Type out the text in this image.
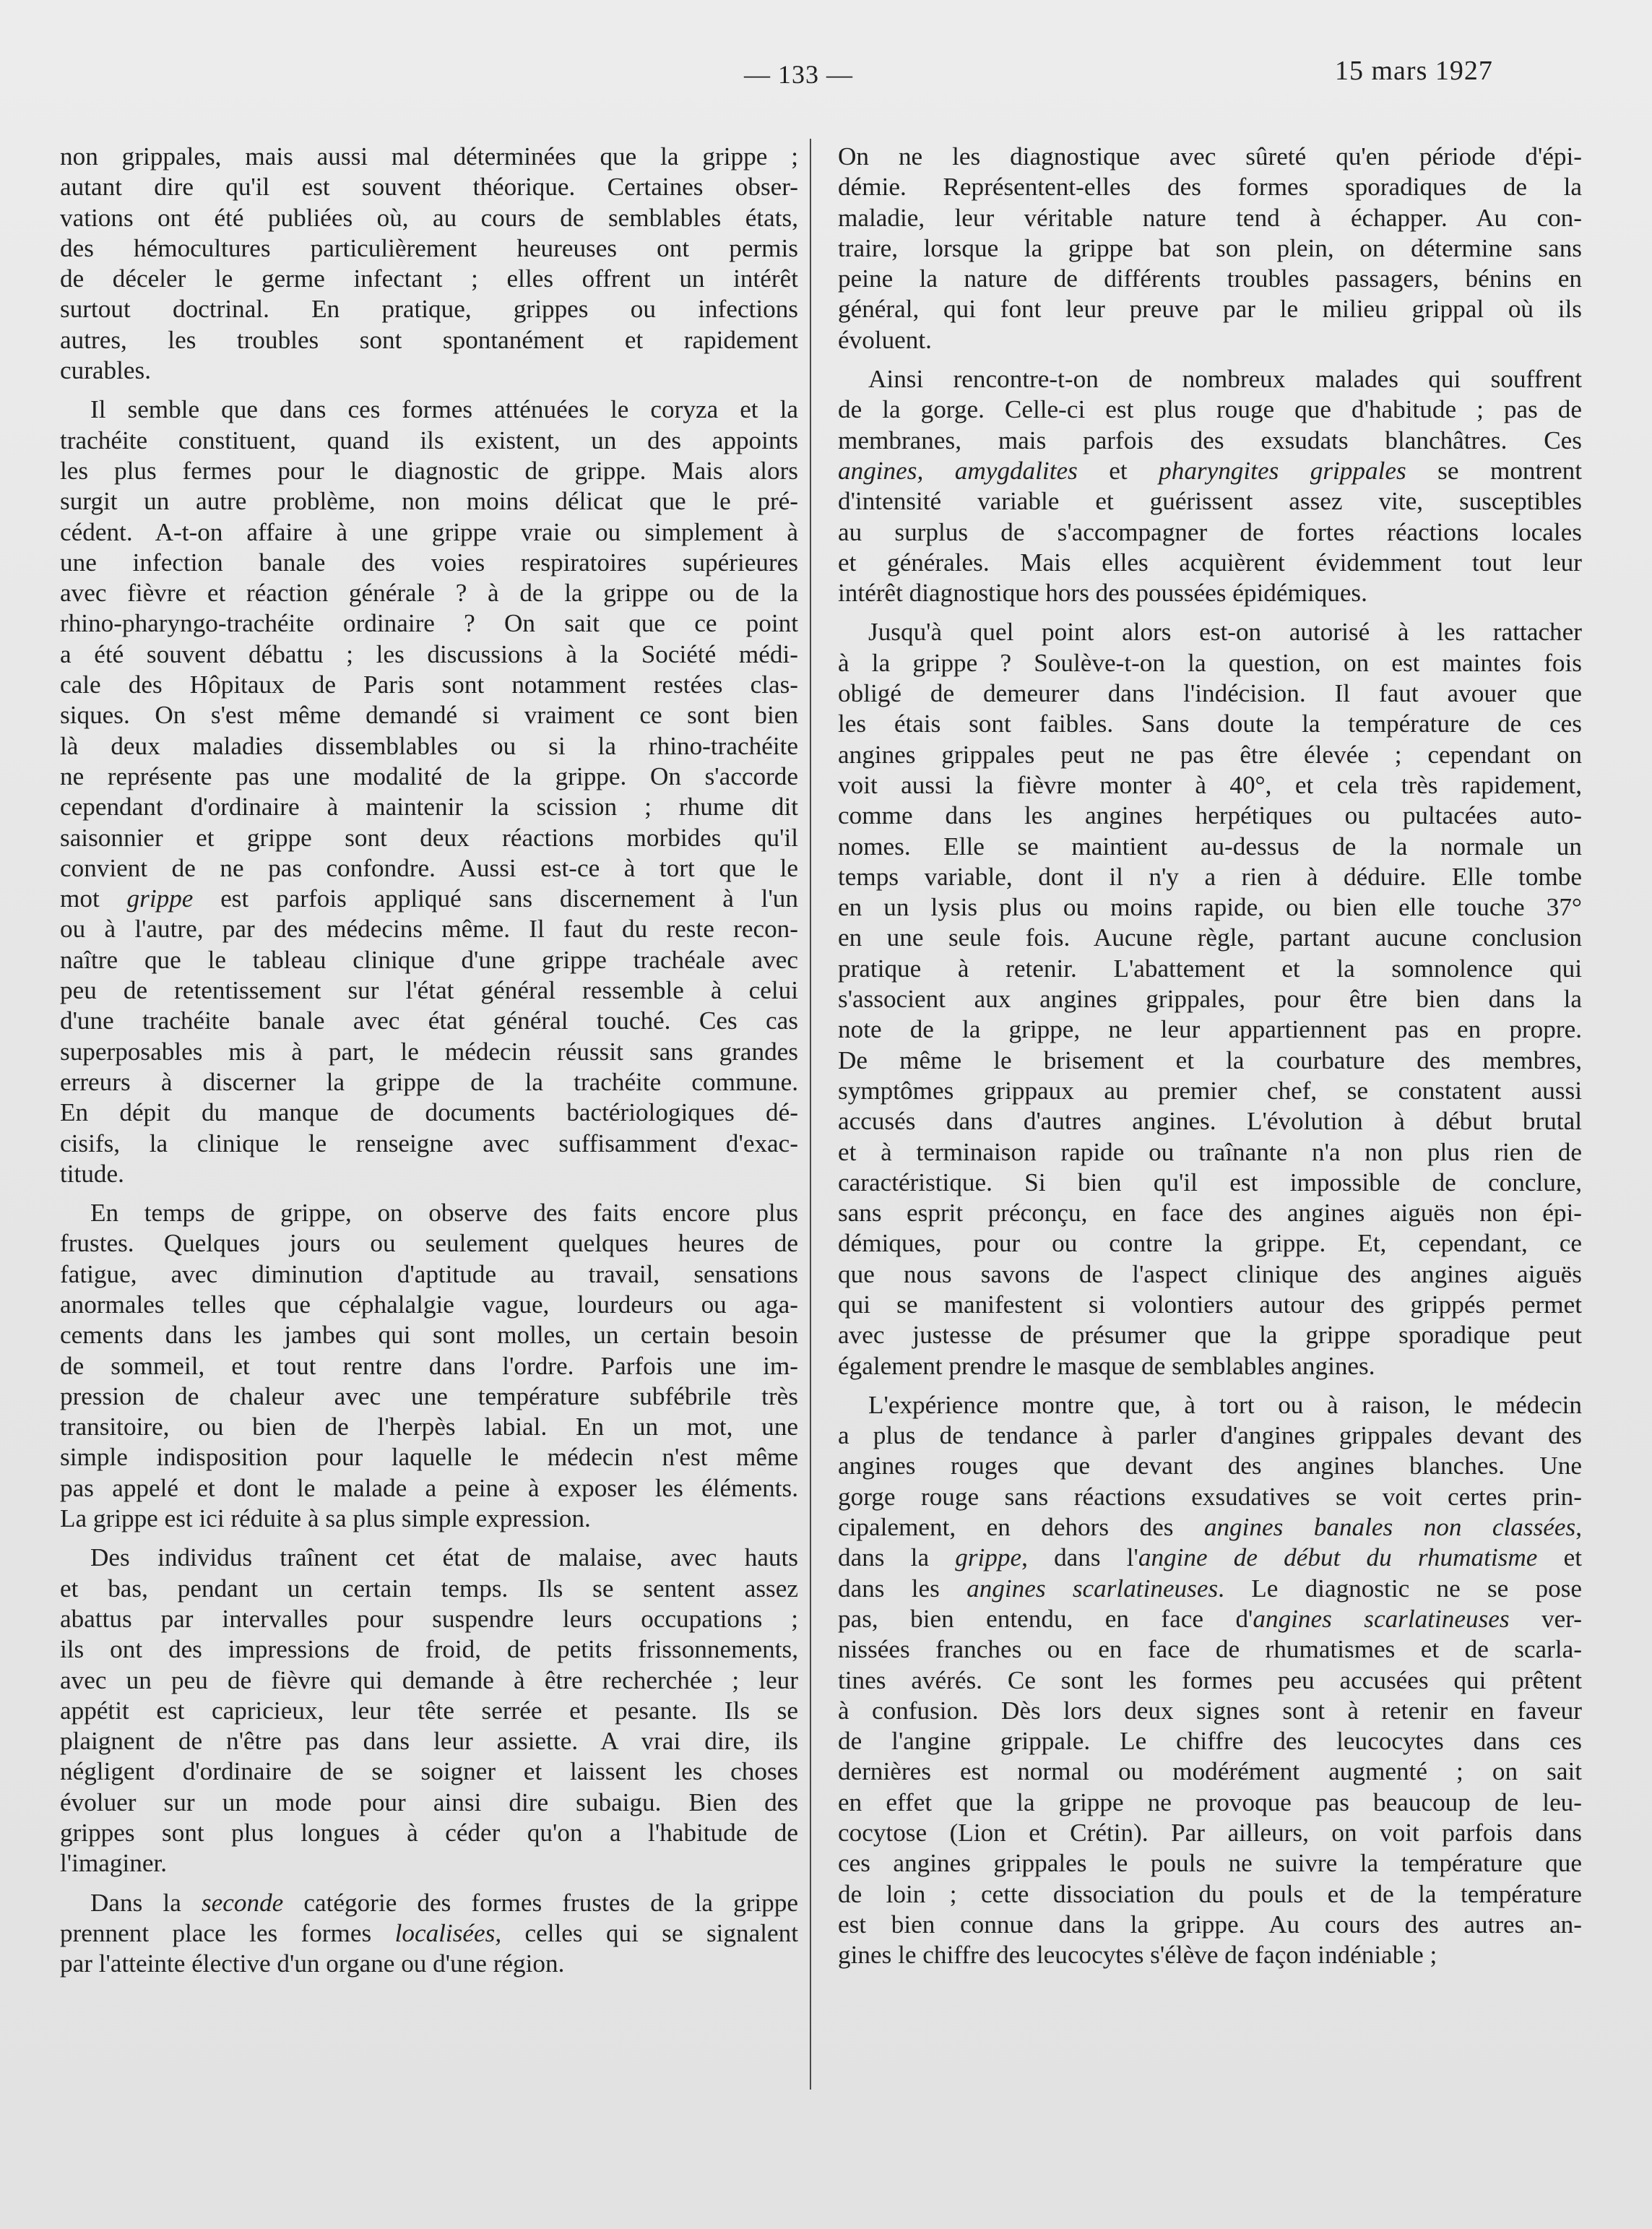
— 133 —	15 mars 1927
non grippales, mais aussi mal déterminées que la grippe ;
autant dire qu'il est souvent théorique. Certaines obser-
vations ont été publiées où, au cours de semblables états,
des hémocultures particulièrement heureuses ont permis
de déceler le germe infectant ; elles offrent un intérêt
surtout doctrinal. En pratique, grippes ou infections
autres, les troubles sont spontanément et rapidement
curables.
Il semble que dans ces formes atténuées le coryza et la
trachéite constituent, quand ils existent, un des appoints
les plus fermes pour le diagnostic de grippe. Mais alors
surgit un autre problème, non moins délicat que le pré-
cédent. A-t-on affaire à une grippe vraie ou simplement à
une infection banale des voies respiratoires supérieures
avec fièvre et réaction générale ? à de la grippe ou de la
rhino-pharyngo-trachéite ordinaire ? On sait que ce point
a été souvent débattu ; les discussions à la Société médi-
cale des Hôpitaux de Paris sont notamment restées clas-
siques. On s'est même demandé si vraiment ce sont bien
là deux maladies dissemblables ou si la rhino-trachéite
ne représente pas une modalité de la grippe. On s'accorde
cependant d'ordinaire à maintenir la scission ; rhume dit
saisonnier et grippe sont deux réactions morbides qu'il
convient de ne pas confondre. Aussi est-ce à tort que le
mot grippe est parfois appliqué sans discernement à l'un
ou à l'autre, par des médecins même. Il faut du reste recon-
naître que le tableau clinique d'une grippe trachéale avec
peu de retentissement sur l'état général ressemble à celui
d'une trachéite banale avec état général touché. Ces cas
superposables mis à part, le médecin réussit sans grandes
erreurs à discerner la grippe de la trachéite commune.
En dépit du manque de documents bactériologiques dé-
cisifs, la clinique le renseigne avec suffisamment d'exac-
titude.
En temps de grippe, on observe des faits encore plus
frustes. Quelques jours ou seulement quelques heures de
fatigue, avec diminution d'aptitude au travail, sensations
anormales telles que céphalalgie vague, lourdeurs ou aga-
cements dans les jambes qui sont molles, un certain besoin
de sommeil, et tout rentre dans l'ordre. Parfois une im-
pression de chaleur avec une température subfébrile très
transitoire, ou bien de l'herpès labial. En un mot, une
simple indisposition pour laquelle le médecin n'est même
pas appelé et dont le malade a peine à exposer les éléments.
La grippe est ici réduite à sa plus simple expression.
Des individus traînent cet état de malaise, avec hauts
et bas, pendant un certain temps. Ils se sentent assez
abattus par intervalles pour suspendre leurs occupations ;
ils ont des impressions de froid, de petits frissonnements,
avec un peu de fièvre qui demande à être recherchée ; leur
appétit est capricieux, leur tête serrée et pesante. Ils se
plaignent de n'être pas dans leur assiette. A vrai dire, ils
négligent d'ordinaire de se soigner et laissent les choses
évoluer sur un mode pour ainsi dire subaigu. Bien des
grippes sont plus longues à céder qu'on a l'habitude de
l'imaginer.
Dans la seconde catégorie des formes frustes de la grippe
prennent place les formes localisées, celles qui se signalent
par l'atteinte élective d'un organe ou d'une région.
On ne les diagnostique avec sûreté qu'en période d'épi-
démie. Représentent-elles des formes sporadiques de la
maladie, leur véritable nature tend à échapper. Au con-
traire, lorsque la grippe bat son plein, on détermine sans
peine la nature de différents troubles passagers, bénins en
général, qui font leur preuve par le milieu grippal où ils
évoluent.
Ainsi rencontre-t-on de nombreux malades qui souffrent
de la gorge. Celle-ci est plus rouge que d'habitude ; pas de
membranes, mais parfois des exsudats blanchâtres. Ces
angines, amygdalites et pharyngites grippales se montrent
d'intensité variable et guérissent assez vite, susceptibles
au surplus de s'accompagner de fortes réactions locales
et générales. Mais elles acquièrent évidemment tout leur
intérêt diagnostique hors des poussées épidémiques.
Jusqu'à quel point alors est-on autorisé à les rattacher
à la grippe ? Soulève-t-on la question, on est maintes fois
obligé de demeurer dans l'indécision. Il faut avouer que
les étais sont faibles. Sans doute la température de ces
angines grippales peut ne pas être élevée ; cependant on
voit aussi la fièvre monter à 40°, et cela très rapidement,
comme dans les angines herpétiques ou pultacées auto-
nomes. Elle se maintient au-dessus de la normale un
temps variable, dont il n'y a rien à déduire. Elle tombe
en un lysis plus ou moins rapide, ou bien elle touche 37°
en une seule fois. Aucune règle, partant aucune conclusion
pratique à retenir. L'abattement et la somnolence qui
s'associent aux angines grippales, pour être bien dans la
note de la grippe, ne leur appartiennent pas en propre.
De même le brisement et la courbature des membres,
symptômes grippaux au premier chef, se constatent aussi
accusés dans d'autres angines. L'évolution à début brutal
et à terminaison rapide ou traînante n'a non plus rien de
caractéristique. Si bien qu'il est impossible de conclure,
sans esprit préconçu, en face des angines aiguës non épi-
démiques, pour ou contre la grippe. Et, cependant, ce
que nous savons de l'aspect clinique des angines aiguës
qui se manifestent si volontiers autour des grippés permet
avec justesse de présumer que la grippe sporadique peut
également prendre le masque de semblables angines.
L'expérience montre que, à tort ou à raison, le médecin
a plus de tendance à parler d'angines grippales devant des
angines rouges que devant des angines blanches. Une
gorge rouge sans réactions exsudatives se voit certes prin-
cipalement, en dehors des angines banales non classées,
dans la grippe, dans l'angine de début du rhumatisme et
dans les angines scarlatineuses. Le diagnostic ne se pose
pas, bien entendu, en face d'angines scarlatineuses ver-
nissées franches ou en face de rhumatismes et de scarla-
tines avérés. Ce sont les formes peu accusées qui prêtent
à confusion. Dès lors deux signes sont à retenir en faveur
de l'angine grippale. Le chiffre des leucocytes dans ces
dernières est normal ou modérément augmenté ; on sait
en effet que la grippe ne provoque pas beaucoup de leu-
cocytose (Lion et Crétin). Par ailleurs, on voit parfois dans
ces angines grippales le pouls ne suivre la température que
de loin ; cette dissociation du pouls et de la température
est bien connue dans la grippe. Au cours des autres an-
gines le chiffre des leucocytes s'élève de façon indéniable ;
